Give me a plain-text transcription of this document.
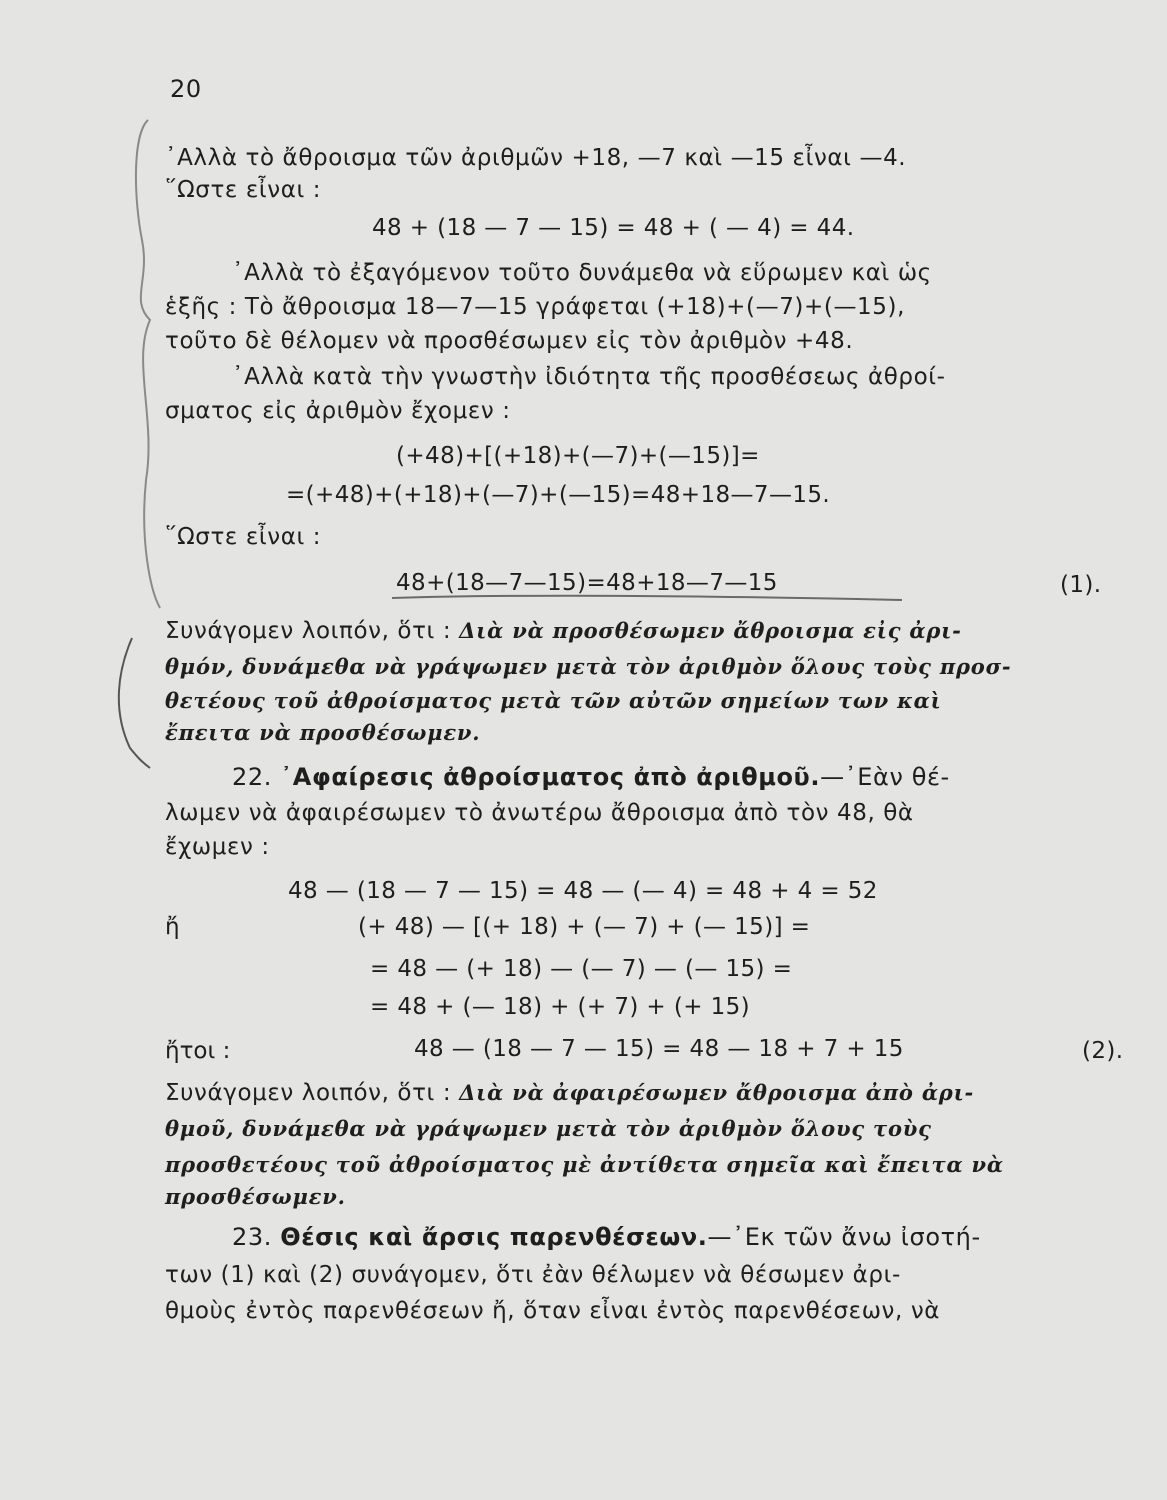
20
᾿Αλλὰ τὸ ἄθροισμα τῶν ἀριθμῶν +18, —7 καὶ —15 εἶναι —4.
῞Ωστε εἶναι :
48 + (18 — 7 — 15) = 48 + ( — 4) = 44.
᾿Αλλὰ τὸ ἐξαγόμενον τοῦτο δυνάμεθα νὰ εὕρωμεν καὶ ὡς
ἑξῆς : Τὸ ἄθροισμα 18—7—15 γράφεται (+18)+(—7)+(—15),
τοῦτο δὲ θέλομεν νὰ προσθέσωμεν εἰς τὸν ἀριθμὸν +48.
᾿Αλλὰ κατὰ τὴν γνωστὴν ἰδιότητα τῆς προσθέσεως ἀθροί-
σματος εἰς ἀριθμὸν ἔχομεν :
(+48)+[(+18)+(—7)+(—15)]=
=(+48)+(+18)+(—7)+(—15)=48+18—7—15.
῞Ωστε εἶναι :
48+(18—7—15)=48+18—7—15	(1).
Συνάγομεν λοιπόν, ὅτι : Διὰ νὰ προσθέσωμεν ἄθροισμα εἰς ἀρι-
θμόν, δυνάμεθα νὰ γράψωμεν μετὰ τὸν ἀριθμὸν ὅλους τοὺς προσ-
θετέους τοῦ ἀθροίσματος μετὰ τῶν αὐτῶν σημείων των καὶ
ἔπειτα νὰ προσθέσωμεν.
22. ᾿Αφαίρεσις ἀθροίσματος ἀπὸ ἀριθμοῦ.—᾿Εὰν θέ-
λωμεν νὰ ἀφαιρέσωμεν τὸ ἀνωτέρω ἄθροισμα ἀπὸ τὸν 48, θὰ
ἔχωμεν :
48 — (18 — 7 — 15) = 48 — (— 4) = 48 + 4 = 52
ἤ	(+ 48) — [(+ 18) + (— 7) + (— 15)] =
= 48 — (+ 18) — (— 7) — (— 15) =
= 48 + (— 18) + (+ 7) + (+ 15)
ἤτοι :	48 — (18 — 7 — 15) = 48 — 18 + 7 + 15	(2).
Συνάγομεν λοιπόν, ὅτι : Διὰ νὰ ἀφαιρέσωμεν ἄθροισμα ἀπὸ ἀρι-
θμοῦ, δυνάμεθα νὰ γράψωμεν μετὰ τὸν ἀριθμὸν ὅλους τοὺς
προσθετέους τοῦ ἀθροίσματος μὲ ἀντίθετα σημεῖα καὶ ἔπειτα νὰ
προσθέσωμεν.
23. Θέσις καὶ ἄρσις παρενθέσεων.—᾿Εκ τῶν ἄνω ἰσοτή-
των (1) καὶ (2) συνάγομεν, ὅτι ἐὰν θέλωμεν νὰ θέσωμεν ἀρι-
θμοὺς ἐντὸς παρενθέσεων ἤ, ὅταν εἶναι ἐντὸς παρενθέσεων, νὰ
